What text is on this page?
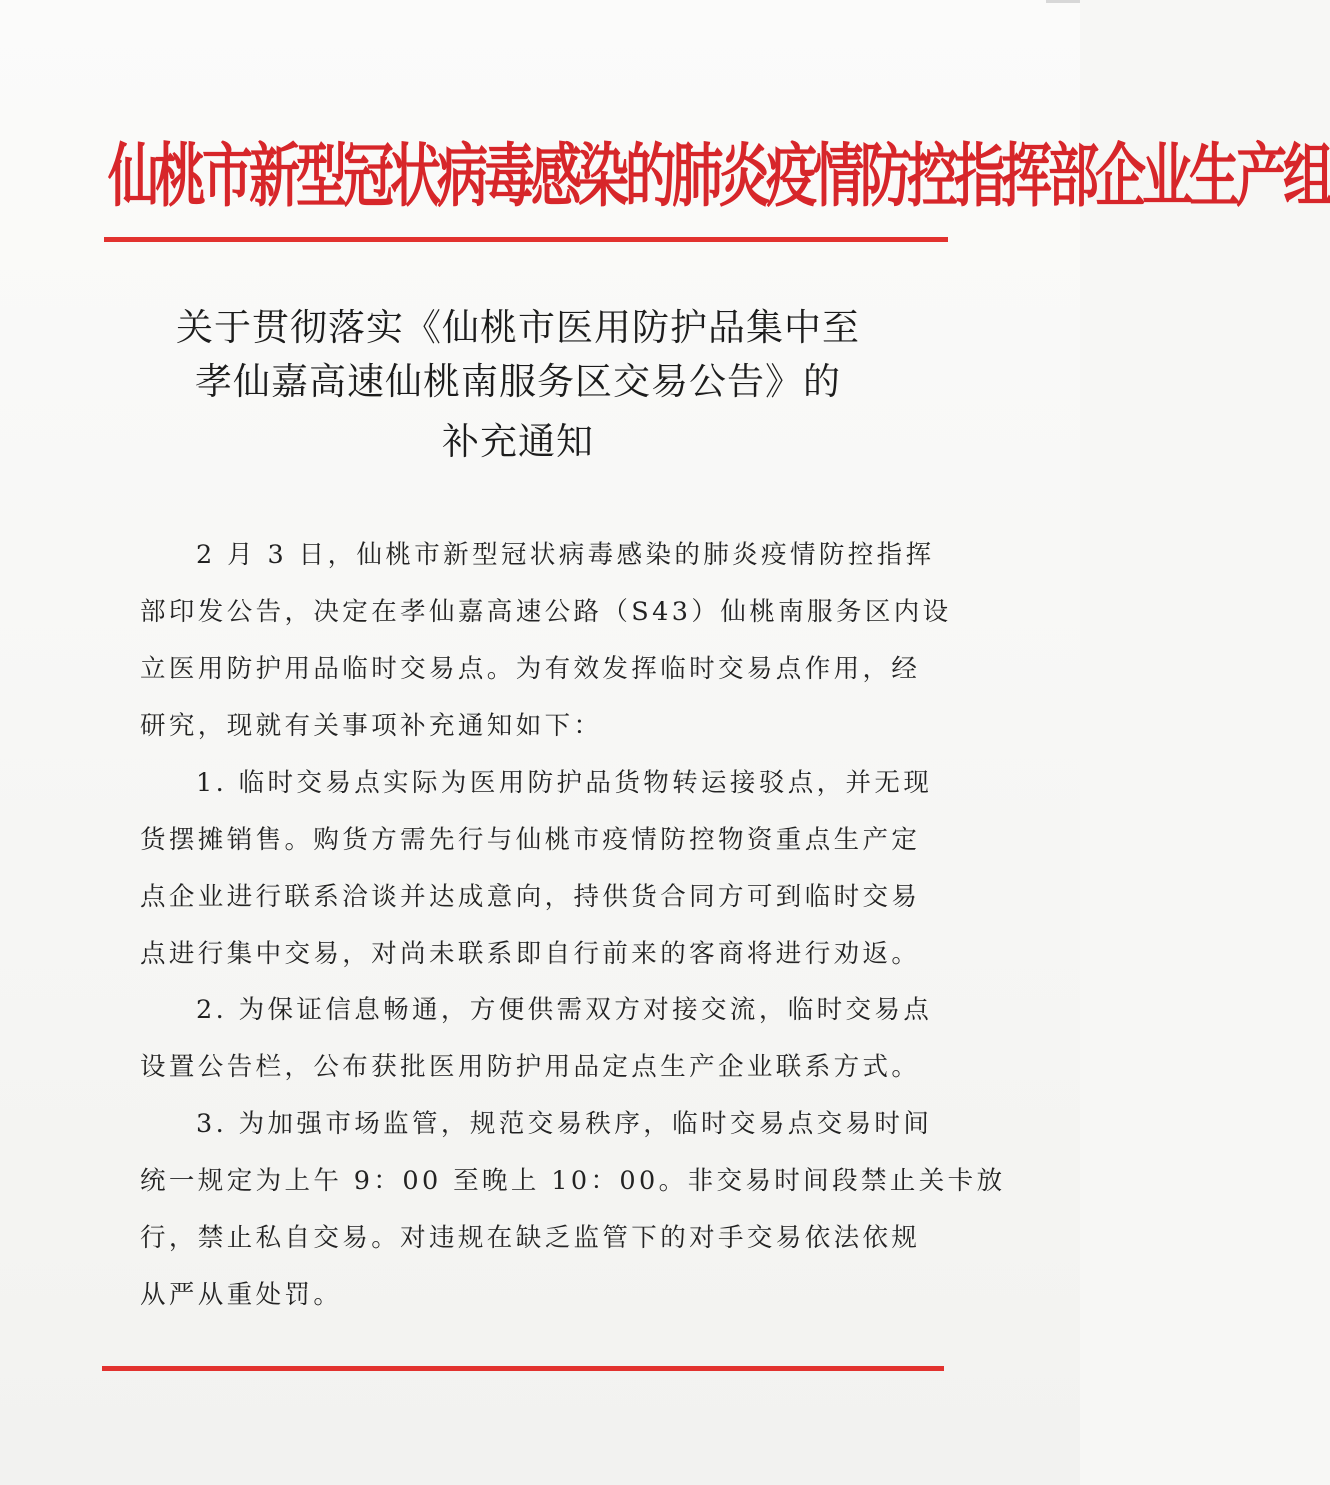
仙桃市新型冠状病毒感染的肺炎疫情防控指挥部企业生产组
关于贯彻落实《仙桃市医用防护品集中至
孝仙嘉高速仙桃南服务区交易公告》的
补充通知
2 月 3 日，仙桃市新型冠状病毒感染的肺炎疫情防控指挥
部印发公告，决定在孝仙嘉高速公路（S43）仙桃南服务区内设
立医用防护用品临时交易点。为有效发挥临时交易点作用，经
研究，现就有关事项补充通知如下：
1. 临时交易点实际为医用防护品货物转运接驳点，并无现
货摆摊销售。购货方需先行与仙桃市疫情防控物资重点生产定
点企业进行联系洽谈并达成意向，持供货合同方可到临时交易
点进行集中交易，对尚未联系即自行前来的客商将进行劝返。
2. 为保证信息畅通，方便供需双方对接交流，临时交易点
设置公告栏，公布获批医用防护用品定点生产企业联系方式。
3. 为加强市场监管，规范交易秩序，临时交易点交易时间
统一规定为上午 9：00 至晚上 10：00。非交易时间段禁止关卡放
行，禁止私自交易。对违规在缺乏监管下的对手交易依法依规
从严从重处罚。
